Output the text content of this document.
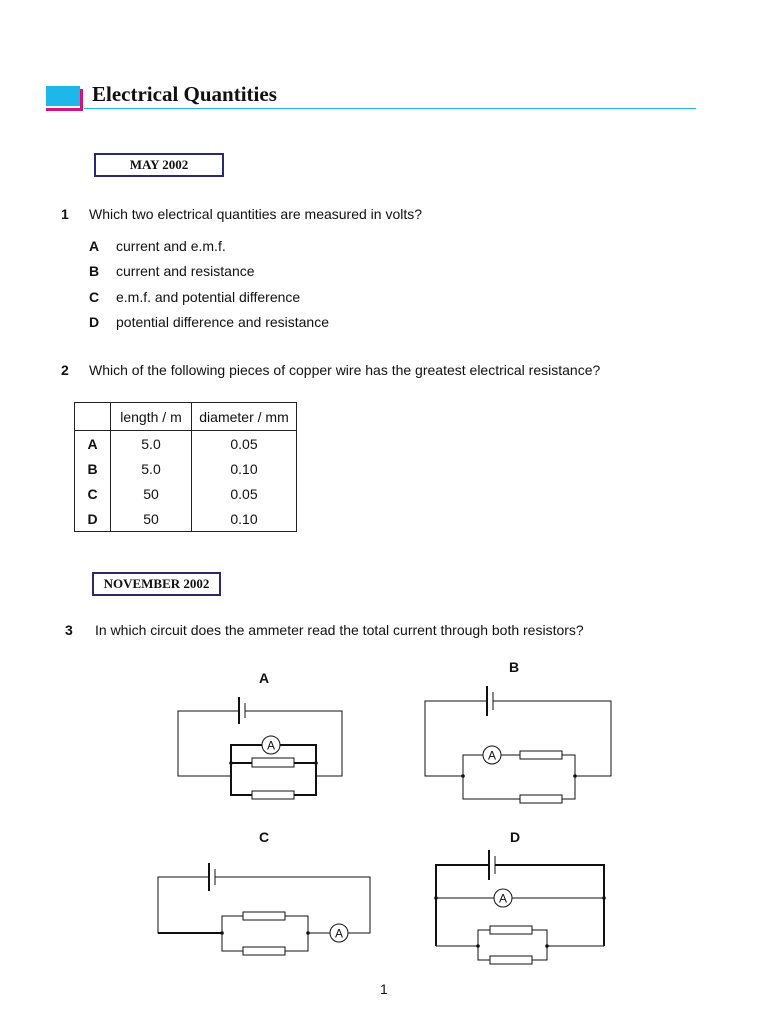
Electrical Quantities
MAY 2002
1 Which two electrical quantities are measured in volts?
A current and e.m.f.
B current and resistance
C e.m.f. and potential difference
D potential difference and resistance
2 Which of the following pieces of copper wire has the greatest electrical resistance?
	length / m	diameter / mm
A	5.0	0.05
B	5.0	0.10
C	50	0.05
D	50	0.10
NOVEMBER 2002
3 In which circuit does the ammeter read the total current through both resistors?
A
B
C	D
A
A
A
A
1
